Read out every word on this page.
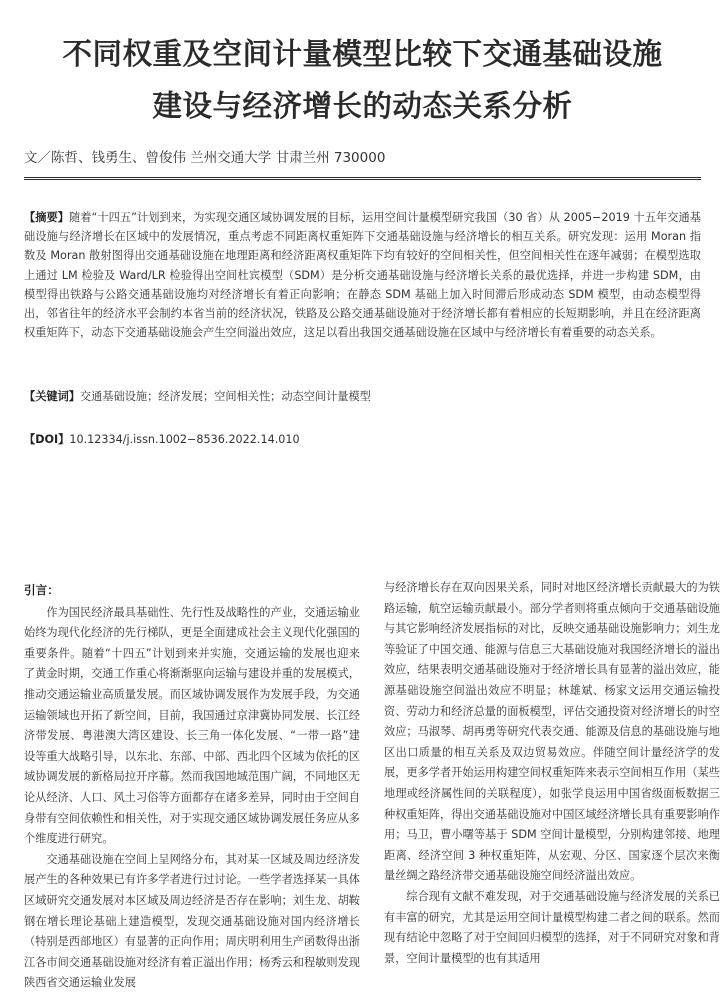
不同权重及空间计量模型比较下交通基础设施
建设与经济增长的动态关系分析
文／陈哲、钱勇生、曾俊伟 兰州交通大学 甘肃兰州 730000
【摘要】随着“十四五”计划到来，为实现交通区域协调发展的目标，运用空间计量模型研究我国（30 省）从 2005−2019 十五年交通基础设施与经济增长在区域中的发展情况，重点考虑不同距离权重矩阵下交通基础设施与经济增长的相互关系。研究发现：运用 Moran 指数及 Moran 散射图得出交通基础设施在地理距离和经济距离权重矩阵下均有较好的空间相关性，但空间相关性在逐年减弱；在模型选取上通过 LM 检验及 Ward/LR 检验得出空间杜宾模型（SDM）是分析交通基础设施与经济增长关系的最优选择，并进一步构建 SDM，由模型得出铁路与公路交通基础设施均对经济增长有着正向影响；在静态 SDM 基础上加入时间滞后形成动态 SDM 模型，由动态模型得出，邻省往年的经济水平会制约本省当前的经济状况，铁路及公路交通基础设施对于经济增长都有着相应的长短期影响，并且在经济距离权重矩阵下，动态下交通基础设施会产生空间溢出效应，这足以看出我国交通基础设施在区域中与经济增长有着重要的动态关系。
【关键词】交通基础设施；经济发展；空间相关性；动态空间计量模型
【DOI】10.12334/j.issn.1002−8536.2022.14.010
引言：

作为国民经济最具基础性、先行性及战略性的产业，交通运输业始终为现代化经济的先行梯队，更是全面建成社会主义现代化强国的重要条件。随着“十四五”计划到来并实施，交通运输的发展也迎来了黄金时期，交通工作重心将渐渐驱向运输与建设并重的发展模式，推动交通运输业高质量发展。而区域协调发展作为发展手段，为交通运输领域也开拓了新空间，目前，我国通过京津冀协同发展、长江经济带发展、粤港澳大湾区建设、长三角一体化发展、“一带一路”建设等重大战略引导，以东北、东部、中部、西北四个区域为依托的区域协调发展的新格局拉开序幕。然而我国地域范围广阔，不同地区无论从经济、人口、风土习俗等方面都存在诸多差异，同时由于空间自身带有空间依赖性和相关性，对于实现交通区域协调发展任务应从多个维度进行研究。

交通基础设施在空间上呈网络分布，其对某一区域及周边经济发展产生的各种效果已有许多学者进行过讨论。一些学者选择某一具体区域研究交通发展对本区域及周边经济是否存在影响；刘生龙、胡鞍钢在增长理论基础上建造模型，发现交通基础设施对国内经济增长（特别是西部地区）有显著的正向作用；周庆明利用生产函数得出浙江各市间交通基础设施对经济有着正溢出作用；杨秀云和程敏则发现陕西省交通运输业发展

与经济增长存在双向因果关系，同时对地区经济增长贡献最大的为铁路运输，航空运输贡献最小。部分学者则将重点倾向于交通基础设施与其它影响经济发展指标的对比，反映交通基础设施影响力；刘生龙等验证了中国交通、能源与信息三大基础设施对我国经济增长的溢出效应，结果表明交通基础设施对于经济增长具有显著的溢出效应，能源基础设施空间溢出效应不明显；林雄斌、杨家文运用交通运输投资、劳动力和经济总量的面板模型，评估交通投资对经济增长的时空效应；马淑琴、胡再勇等研究代表交通、能源及信息的基础设施与地区出口质量的相互关系及双边贸易效应。伴随空间计量经济学的发展，更多学者开始运用构建空间权重矩阵来表示空间相互作用（某些地理或经济属性间的关联程度），如张学良运用中国省级面板数据三种权重矩阵，得出交通基础设施对中国区域经济增长具有重要影响作用；马卫，曹小曙等基于 SDM 空间计量模型，分别构建邻接、地理距离、经济空间 3 种权重矩阵，从宏观、分区、国家逐个层次来衡量丝绸之路经济带交通基础设施空间经济溢出效应。

综合现有文献不难发现，对于交通基础设施与经济发展的关系已有丰富的研究，尤其是运用空间计量模型构建二者之间的联系。然而现有结论中忽略了对于空间回归模型的选择，对于不同研究对象和背景，空间计量模型的也有其适用
